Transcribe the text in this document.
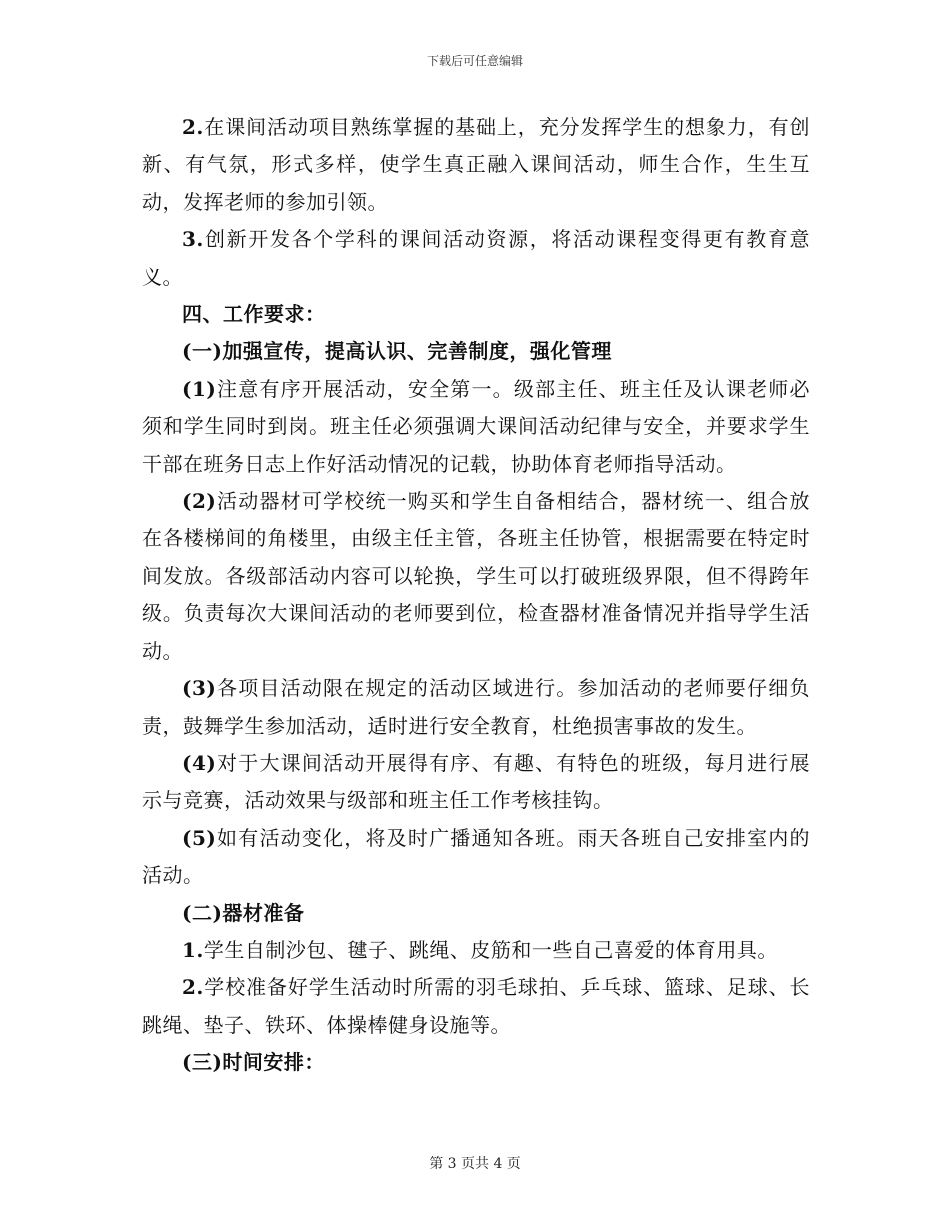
下载后可任意编辑

2.在课间活动项目熟练掌握的基础上，充分发挥学生的想象力，有创新、有气氛，形式多样，使学生真正融入课间活动，师生合作，生生互动，发挥老师的参加引领。

3.创新开发各个学科的课间活动资源，将活动课程变得更有教育意义。

四、工作要求：

(一)加强宣传，提高认识、完善制度，强化管理

(1)注意有序开展活动，安全第一。级部主任、班主任及认课老师必须和学生同时到岗。班主任必须强调大课间活动纪律与安全，并要求学生干部在班务日志上作好活动情况的记载，协助体育老师指导活动。

(2)活动器材可学校统一购买和学生自备相结合，器材统一、组合放在各楼梯间的角楼里，由级主任主管，各班主任协管，根据需要在特定时间发放。各级部活动内容可以轮换，学生可以打破班级界限，但不得跨年级。负责每次大课间活动的老师要到位，检查器材准备情况并指导学生活动。

(3)各项目活动限在规定的活动区域进行。参加活动的老师要仔细负责，鼓舞学生参加活动，适时进行安全教育，杜绝损害事故的发生。

(4)对于大课间活动开展得有序、有趣、有特色的班级，每月进行展示与竞赛，活动效果与级部和班主任工作考核挂钩。

(5)如有活动变化，将及时广播通知各班。雨天各班自己安排室内的活动。

(二)器材准备

1.学生自制沙包、毽子、跳绳、皮筋和一些自己喜爱的体育用具。

2.学校准备好学生活动时所需的羽毛球拍、乒乓球、篮球、足球、长跳绳、垫子、铁环、体操棒健身设施等。

(三)时间安排：

第 3 页共 4 页
